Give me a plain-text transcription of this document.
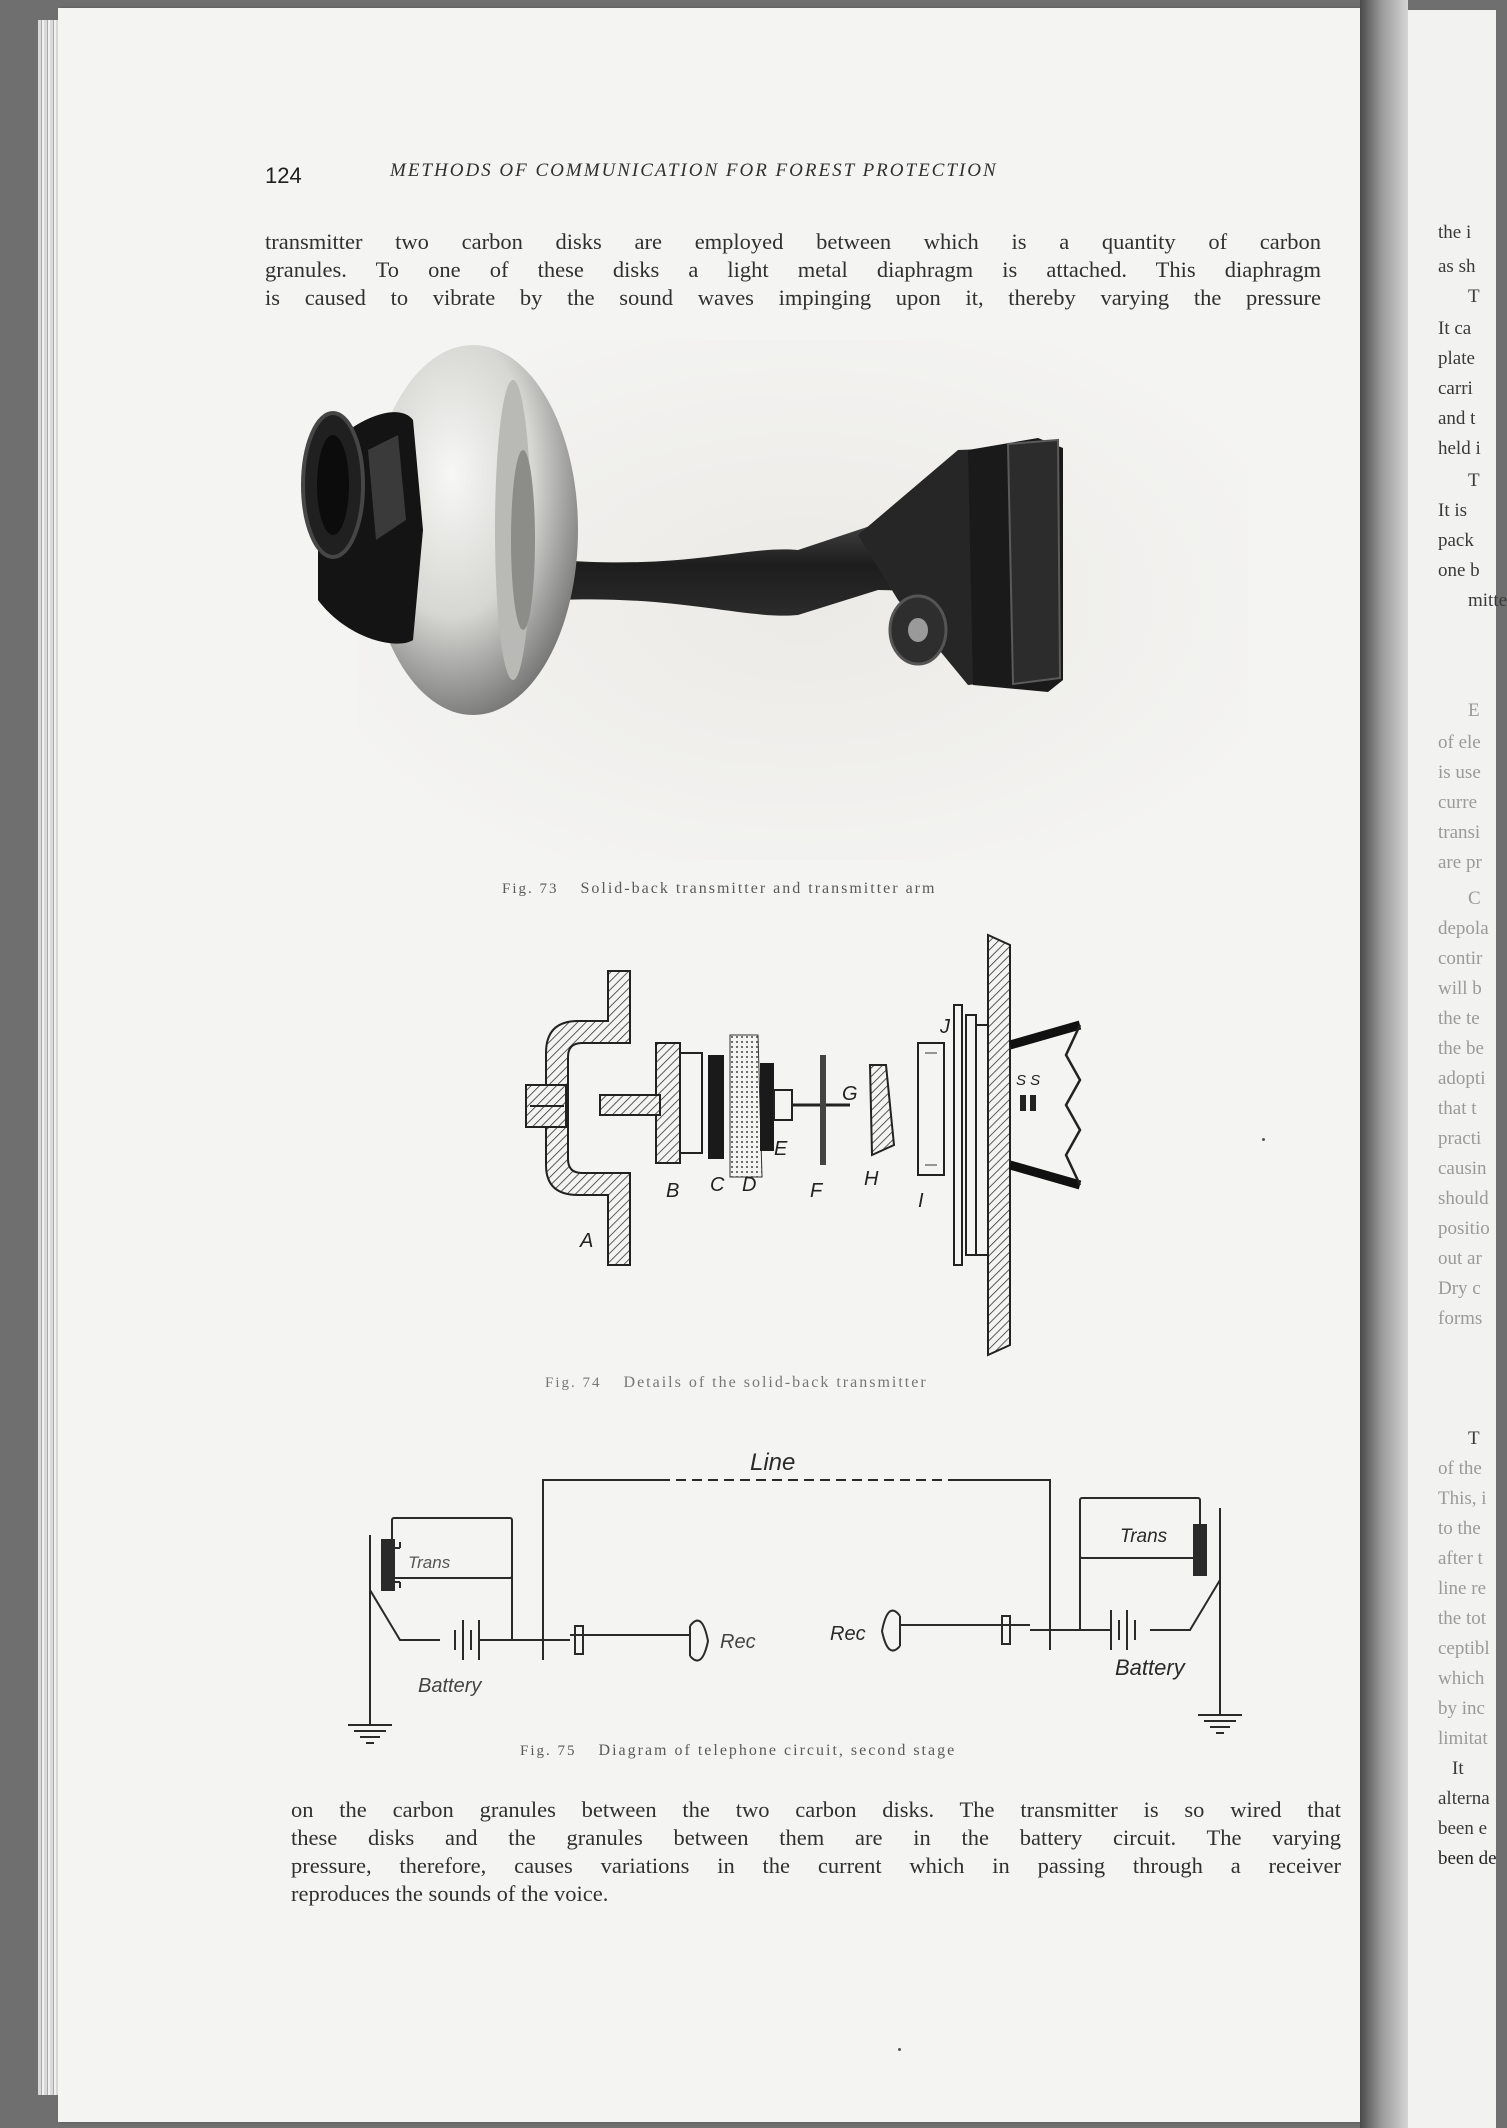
124	METHODS OF COMMUNICATION FOR FOREST PROTECTION
transmitter two carbon disks are employed between which is a quantity of carbon
granules. To one of these disks a light metal diaphragm is attached. This diaphragm
is caused to vibrate by the sound waves impinging upon it, thereby varying the pressure
Fig. 73 Solid-back transmitter and transmitter arm
A
B C D
E
F
G
H
I
J
S S
Fig. 74 Details of the solid-back transmitter
Line
Trans
Trans
Rec	Rec
Battery
Battery
Fig. 75 Diagram of telephone circuit, second stage
on the carbon granules between the two carbon disks. The transmitter is so wired that
these disks and the granules between them are in the battery circuit. The varying
pressure, therefore, causes variations in the current which in passing through a receiver
reproduces the sounds of the voice.
the i
as sh
T
It ca
plate
carri
and t
held i
T
It is
pack
one b
mitte
E
of ele
is use
curre
transi
are pr
C
depola
contir
will b
the te
the be
adopti
that t
practi
causin
should
positio
out ar
Dry c
forms
T
of the
This, i
to the
after t
line re
the tot
ceptibl
which
by inc
limitat
It
alterna
been e
been de
